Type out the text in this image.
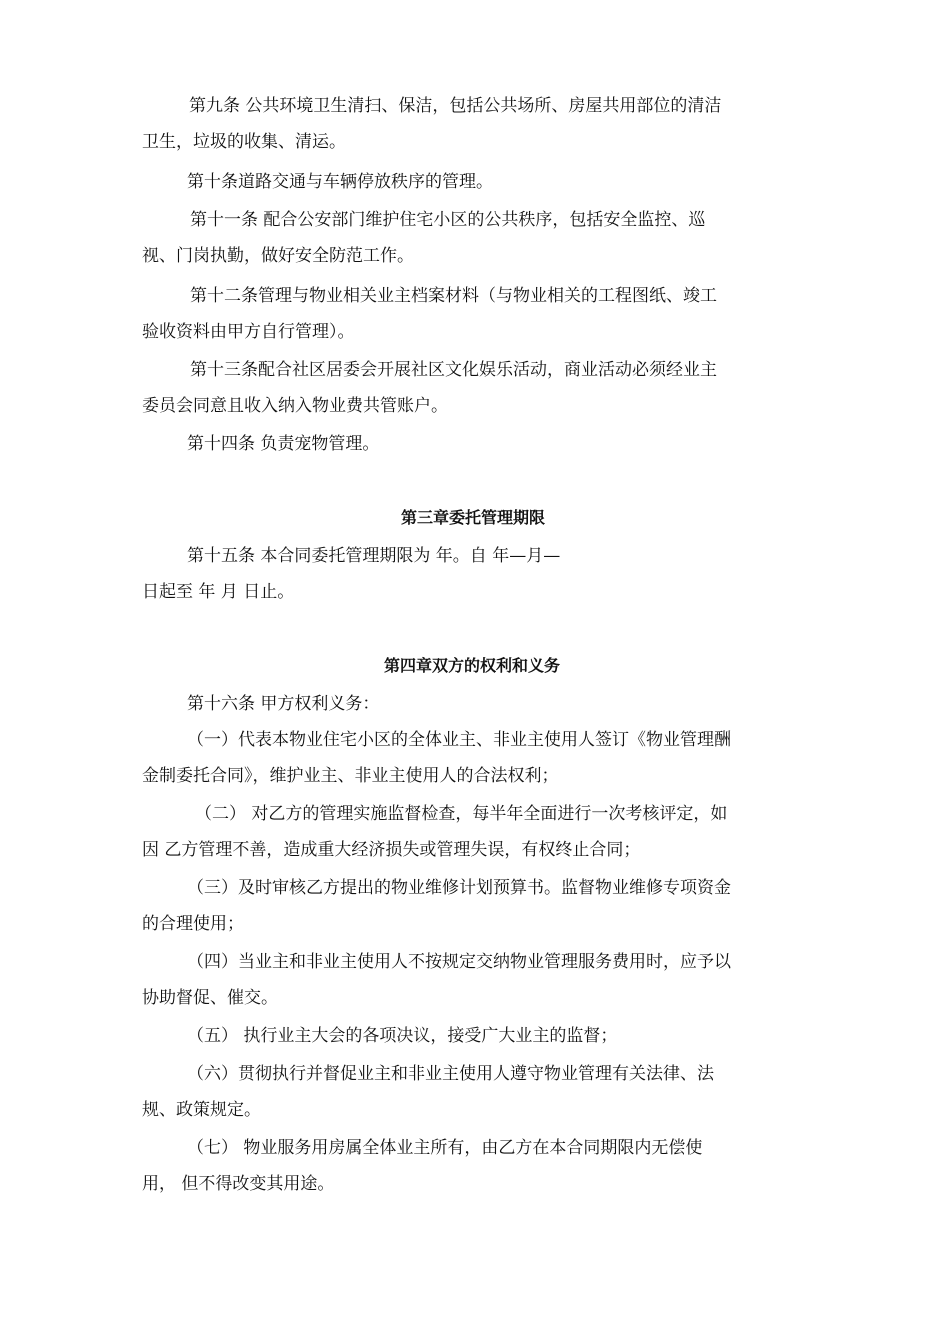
第九条 公共环境卫生清扫、保洁，包括公共场所、房屋共用部位的清洁
卫生，垃圾的收集、清运。
第十条道路交通与车辆停放秩序的管理。
第十一条 配合公安部门维护住宅小区的公共秩序，包括安全监控、巡
视、门岗执勤，做好安全防范工作。
第十二条管理与物业相关业主档案材料（与物业相关的工程图纸、竣工
验收资料由甲方自行管理）。
第十三条配合社区居委会开展社区文化娱乐活动，商业活动必须经业主
委员会同意且收入纳入物业费共管账户。
第十四条 负责宠物管理。
第三章委托管理期限
第十五条 本合同委托管理期限为 年。自 年—月—
日起至 年 月 日止。
第四章双方的权利和义务
第十六条 甲方权利义务：
（一）代表本物业住宅小区的全体业主、非业主使用人签订《物业管理酬
金制委托合同》，维护业主、非业主使用人的合法权利；
（二） 对乙方的管理实施监督检查，每半年全面进行一次考核评定，如
因 乙方管理不善，造成重大经济损失或管理失误，有权终止合同；
（三）及时审核乙方提出的物业维修计划预算书。监督物业维修专项资金
的合理使用；
（四）当业主和非业主使用人不按规定交纳物业管理服务费用时，应予以
协助督促、催交。
（五） 执行业主大会的各项决议，接受广大业主的监督；
（六）贯彻执行并督促业主和非业主使用人遵守物业管理有关法律、法
规、政策规定。
（七） 物业服务用房属全体业主所有，由乙方在本合同期限内无偿使
用， 但不得改变其用途。
